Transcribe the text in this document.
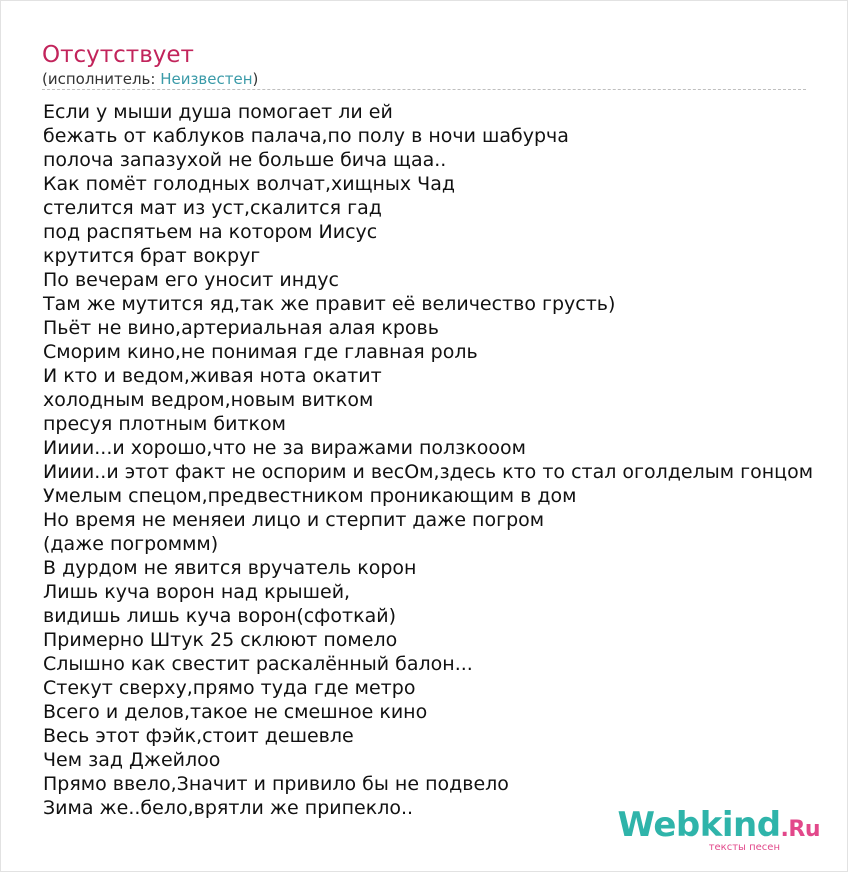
Отсутствует
(исполнитель: Неизвестен)
Если у мыши душа помогает ли ей
бежать от каблуков палача,по полу в ночи шабурча
полоча запазухой не больше бича щаа..
Как помёт голодных волчат,хищных Чад
стелится мат из уст,скалится гад
под распятьем на котором Иисус
крутится брат вокруг
По вечерам его уносит индус
Там же мутится яд,так же правит её величество грусть)
Пьёт не вино,артериальная алая кровь
Сморим кино,не понимая где главная роль
И кто и ведом,живая нота окатит
холодным ведром,новым витком
пресуя плотным битком
Ииии...и хорошо,что не за виражами ползкооом
Ииии..и этот факт не оспорим и весОм,здесь кто то стал оголделым гонцом
Умелым спецом,предвестником проникающим в дом
Но время не меняеи лицо и стерпит даже погром
(даже погроммм)
В дурдом не явится вручатель корон
Лишь куча ворон над крышей,
видишь лишь куча ворон(сфоткай)
Примерно Штук 25 склюют помело
Слышно как свестит раскалённый балон...
Стекут сверху,прямо туда где метро
Всего и делов,такое не смешное кино
Весь этот фэйк,стоит дешевле
Чем зад Джейлоо
Прямо ввело,Значит и привило бы не подвело
Зима же..бело,врятли же припекло..	Webkind.Ru
тексты песен
